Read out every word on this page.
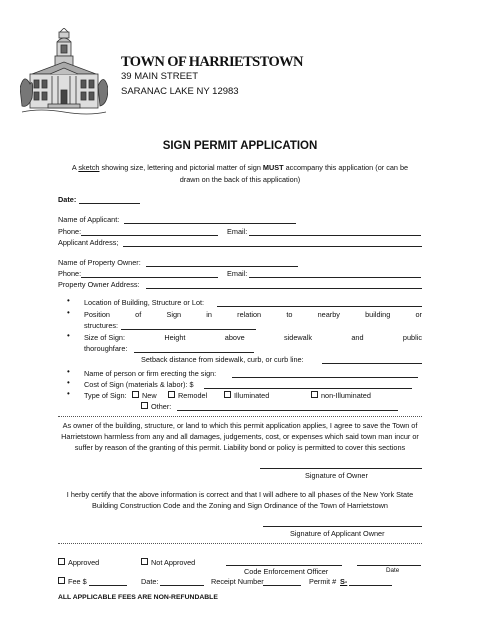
TOWN OF HARRIETSTOWN
39 MAIN STREET
SARANAC LAKE NY 12983
SIGN PERMIT APPLICATION
A sketch showing size, lettering and pictorial matter of sign MUST accompany this application (or can be
drawn on the back of this application)
Date:
Name of Applicant:
Phone:	Email:
Applicant Address;
Name of Property Owner:
Phone:	Email:
Property Owner Address:
• Location of Building, Structure or Lot:
• Position	of	Sign	in	relation	to	nearby	building	or
structures:
• Size of Sign:	Height	above	sidewalk	and	public
thoroughfare:
Setback distance from sidewalk, curb, or curb line:
• Name of person or firm erecting the sign:
• Cost of Sign (materials & labor): $
• Type of Sign:	New	Remodel	Illuminated	non-Illuminated
Other:
As owner of the building, structure, or land to which this permit application applies, I agree to save the Town of
Harrietstown harmless from any and all damages, judgements, cost, or expenses which said town man incur or
suffer by reason of the granting of this permit. Liability bond or policy is permitted to cover this sections
Signature of Owner
I herby certify that the above information is correct and that I will adhere to all phases of the New York State
Building Construction Code and the Zoning and Sign Ordinance of the Town of Harrietstown
Signature of Applicant Owner
Approved	Not Approved
Code Enforcement Officer	Date
Fee $	Date:	Receipt Number	Permit # S-
ALL APPLICABLE FEES ARE NON-REFUNDABLE
